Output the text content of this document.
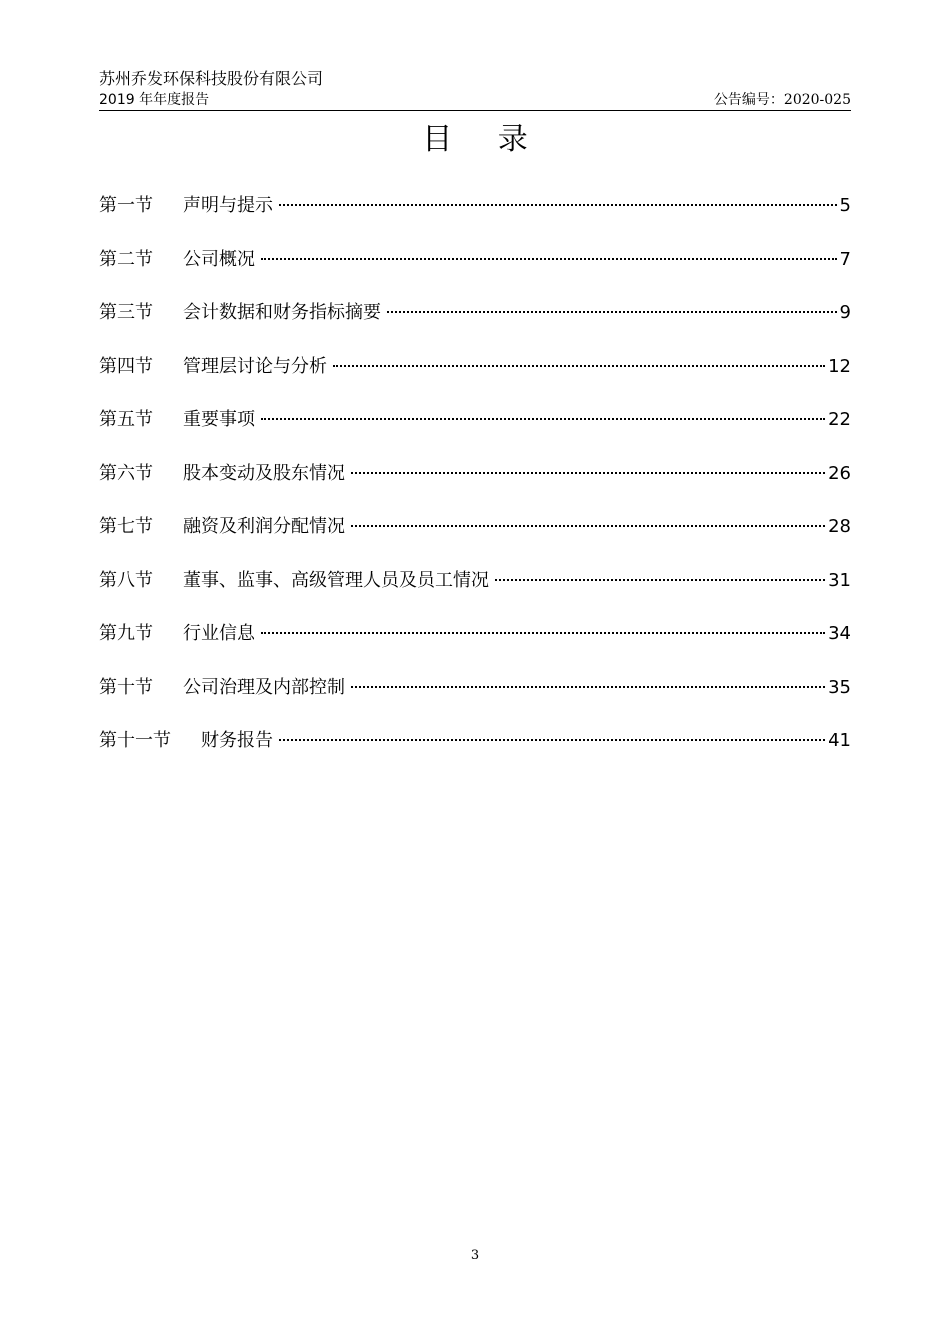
苏州乔发环保科技股份有限公司
2019 年年度报告	公告编号：2020-025
目 录
第一节	声明与提示	5
第二节	公司概况	7
第三节	会计数据和财务指标摘要	9
第四节	管理层讨论与分析	12
第五节	重要事项	22
第六节	股本变动及股东情况	26
第七节	融资及利润分配情况	28
第八节	董事、监事、高级管理人员及员工情况	31
第九节	行业信息	34
第十节	公司治理及内部控制	35
第十一节	财务报告	41
3
